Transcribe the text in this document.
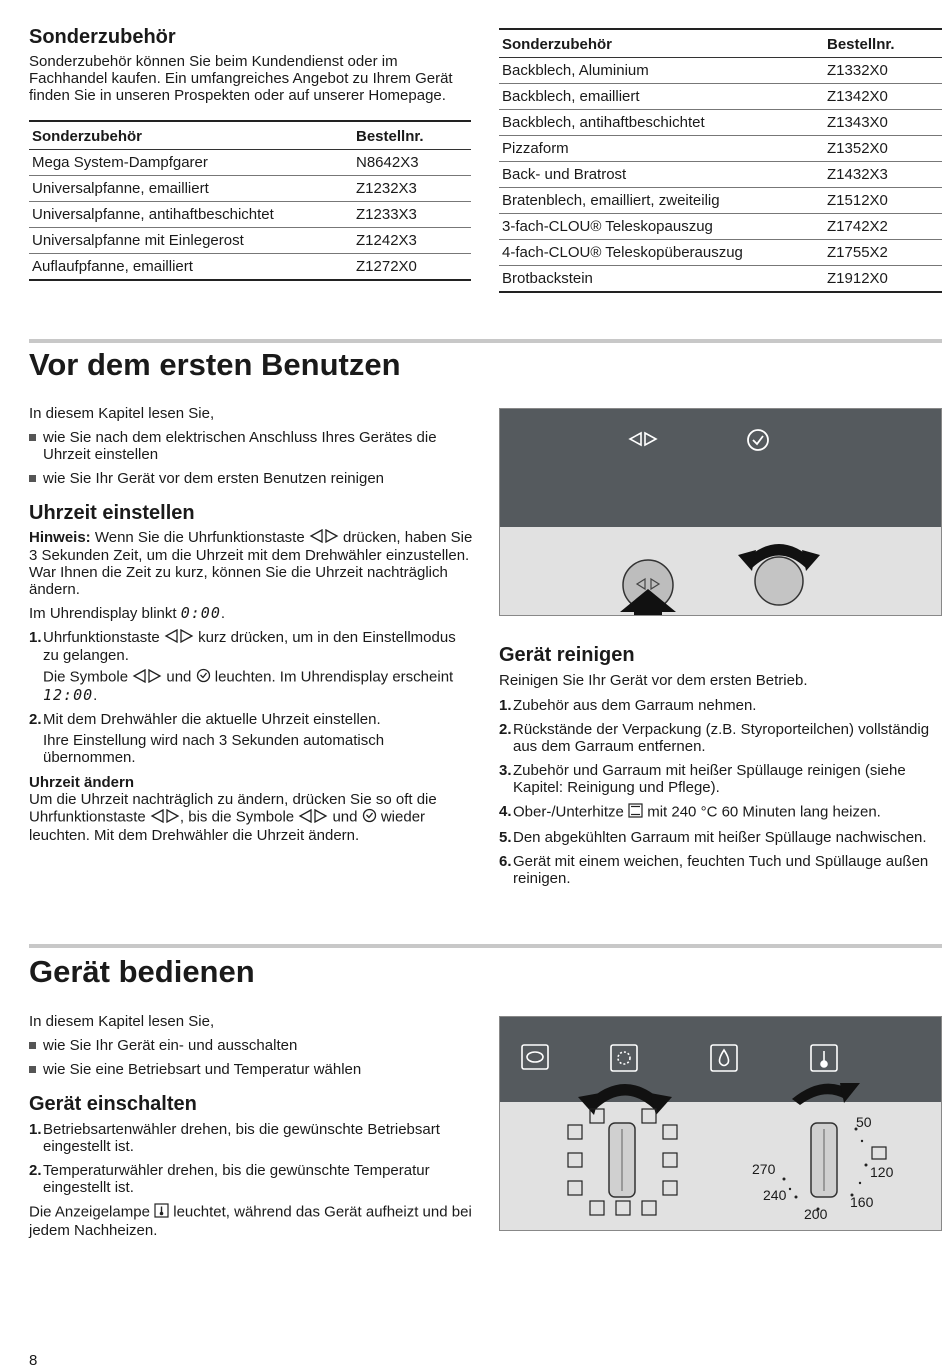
Sonderzubehör

Sonderzubehör können Sie beim Kundendienst oder im Fachhandel kaufen. Ein umfangreiches Angebot zu Ihrem Gerät finden Sie in unseren Prospekten oder auf unserer Homepage.

Sonderzubehör	Bestellnr.
Mega System-Dampfgarer	N8642X3
Universalpfanne, emailliert	Z1232X3
Universalpfanne, antihaftbeschichtet	Z1233X3
Universalpfanne mit Einlegerost	Z1242X3
Auflaufpfanne, emailliert	Z1272X0
Sonderzubehör	Bestellnr.
Backblech, Aluminium	Z1332X0
Backblech, emailliert	Z1342X0
Backblech, antihaftbeschichtet	Z1343X0
Pizzaform	Z1352X0
Back- und Bratrost	Z1432X3
Bratenblech, emailliert, zweiteilig	Z1512X0
3-fach-CLOU® Teleskopauszug	Z1742X2
4-fach-CLOU® Teleskopüberauszug	Z1755X2
Brotbackstein	Z1912X0
Vor dem ersten Benutzen

In diesem Kapitel lesen Sie,

wie Sie nach dem elektrischen Anschluss Ihres Gerätes die Uhrzeit einstellen
wie Sie Ihr Gerät vor dem ersten Benutzen reinigen
Uhrzeit einstellen

Hinweis: Wenn Sie die Uhrfunktionstaste  drücken, haben Sie 3 Sekunden Zeit, um die Uhrzeit mit dem Drehwähler einzustellen. War Ihnen die Zeit zu kurz, können Sie die Uhrzeit nachträglich ändern.

Im Uhrendisplay blinkt 0:00.

1. Uhrfunktionstaste  kurz drücken, um in den Einstellmodus zu gelangen.
Die Symbole  und  leuchten. Im Uhrendisplay erscheint 12:00.
2. Mit dem Drehwähler die aktuelle Uhrzeit einstellen.
Ihre Einstellung wird nach 3 Sekunden automatisch übernommen.

Uhrzeit ändern

Um die Uhrzeit nachträglich zu ändern, drücken Sie so oft die Uhrfunktionstaste , bis die Symbole  und  wieder leuchten. Mit dem Drehwähler die Uhrzeit ändern.

Gerät reinigen

Reinigen Sie Ihr Gerät vor dem ersten Betrieb.

1. Zubehör aus dem Garraum nehmen.
2. Rückstände der Verpackung (z.B. Styroporteilchen) vollständig aus dem Garraum entfernen.
3. Zubehör und Garraum mit heißer Spüllauge reinigen (siehe Kapitel: Reinigung und Pflege).
4. Ober-/Unterhitze  mit 240 °C 60 Minuten lang heizen.
5. Den abgekühlten Garraum mit heißer Spüllauge nachwischen.
6. Gerät mit einem weichen, feuchten Tuch und Spüllauge außen reinigen.
Gerät bedienen

In diesem Kapitel lesen Sie,

wie Sie Ihr Gerät ein- und ausschalten
wie Sie eine Betriebsart und Temperatur wählen
Gerät einschalten
1. Betriebsartenwähler drehen, bis die gewünschte Betriebsart eingestellt ist.
2. Temperaturwähler drehen, bis die gewünschte Temperatur eingestellt ist.

Die Anzeigelampe  leuchtet, während das Gerät aufheizt und bei jedem Nachheizen.

50
120
160
200
240
270
8
